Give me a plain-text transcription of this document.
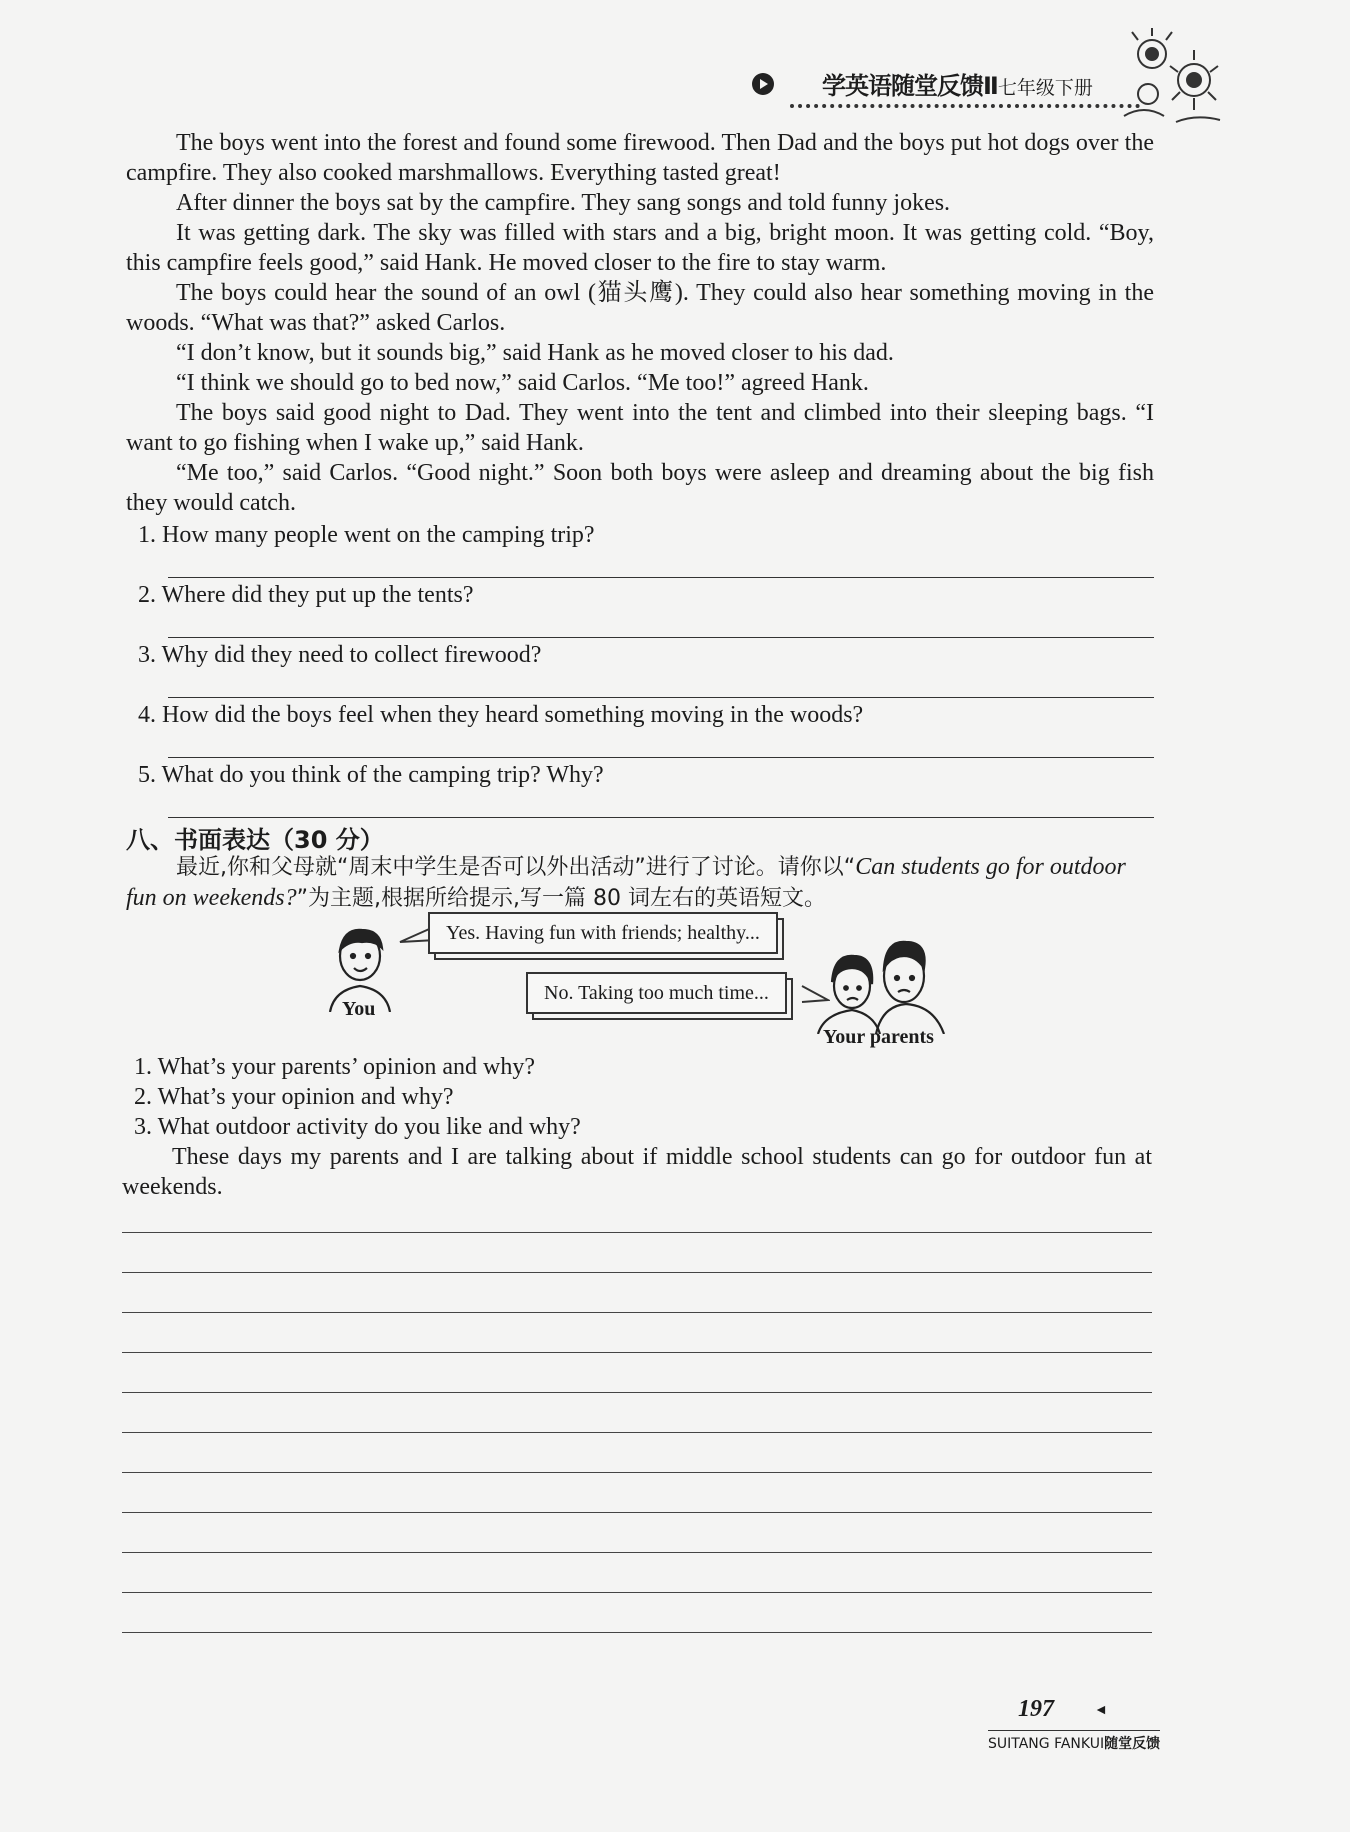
学英语随堂反馈Ⅱ七年级下册
The boys went into the forest and found some firewood. Then Dad and the boys put hot dogs over the campfire. They also cooked marshmallows. Everything tasted great!
After dinner the boys sat by the campfire. They sang songs and told funny jokes.
It was getting dark. The sky was filled with stars and a big, bright moon. It was getting cold. “Boy, this campfire feels good,” said Hank. He moved closer to the fire to stay warm.
The boys could hear the sound of an owl (猫头鹰). They could also hear something moving in the woods. “What was that?” asked Carlos.
“I don’t know, but it sounds big,” said Hank as he moved closer to his dad.
“I think we should go to bed now,” said Carlos. “Me too!” agreed Hank.
The boys said good night to Dad. They went into the tent and climbed into their sleeping bags. “I want to go fishing when I wake up,” said Hank.
“Me too,” said Carlos. “Good night.” Soon both boys were asleep and dreaming about the big fish they would catch.
1. How many people went on the camping trip?
2. Where did they put up the tents?
3. Why did they need to collect firewood?
4. How did the boys feel when they heard something moving in the woods?
5. What do you think of the camping trip? Why?
八、书面表达（30 分）
最近,你和父母就“周末中学生是否可以外出活动”进行了讨论。请你以“Can students go for outdoor fun on weekends?”为主题,根据所给提示,写一篇 80 词左右的英语短文。
Yes. Having fun with friends; healthy...
You
No. Taking too much time...
Your parents
1. What’s your parents’ opinion and why?
2. What’s your opinion and why?
3. What outdoor activity do you like and why?
These days my parents and I are talking about if middle school students can go for outdoor fun at weekends.
197	◄
SUITANG FANKUI随堂反馈
